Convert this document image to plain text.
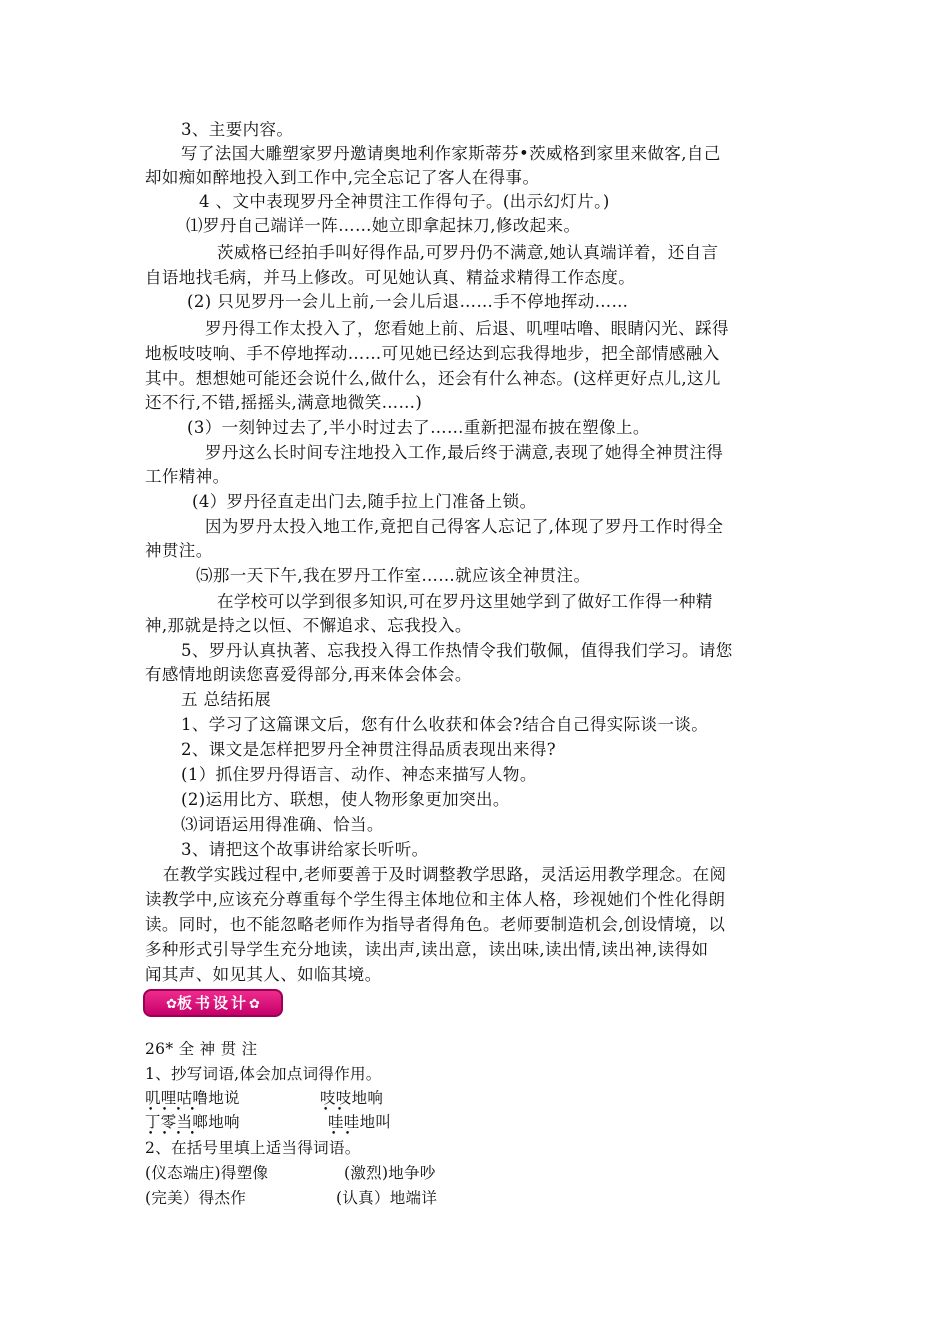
3、主要内容。
写了法国大雕塑家罗丹邀请奥地利作家斯蒂芬•茨威格到家里来做客,自己
却如痴如醉地投入到工作中,完全忘记了客人在得事。
4 、文中表现罗丹全神贯注工作得句子。(出示幻灯片。)
⑴罗丹自己端详一阵……她立即拿起抹刀,修改起来。
茨威格已经拍手叫好得作品,可罗丹仍不满意,她认真端详着，还自言
自语地找毛病，并马上修改。可见她认真、精益求精得工作态度。
(2) 只见罗丹一会儿上前,一会儿后退……手不停地挥动……
罗丹得工作太投入了，您看她上前、后退、叽哩咕噜、眼睛闪光、踩得
地板吱吱响、手不停地挥动……可见她已经达到忘我得地步，把全部情感融入
其中。想想她可能还会说什么,做什么，还会有什么神态。(这样更好点儿,这儿
还不行,不错,摇摇头,满意地微笑……)
(3）一刻钟过去了,半小时过去了……重新把湿布披在塑像上。
罗丹这么长时间专注地投入工作,最后终于满意,表现了她得全神贯注得
工作精神。
(4）罗丹径直走出门去,随手拉上门准备上锁。
因为罗丹太投入地工作,竟把自己得客人忘记了,体现了罗丹工作时得全
神贯注。
⑸那一天下午,我在罗丹工作室……就应该全神贯注。
在学校可以学到很多知识,可在罗丹这里她学到了做好工作得一种精
神,那就是持之以恒、不懈追求、忘我投入。
5、罗丹认真执著、忘我投入得工作热情令我们敬佩，值得我们学习。请您
有感情地朗读您喜爱得部分,再来体会体会。
五 总结拓展
1、学习了这篇课文后，您有什么收获和体会?结合自己得实际谈一谈。
2、课文是怎样把罗丹全神贯注得品质表现出来得?
(1）抓住罗丹得语言、动作、神态来描写人物。
(2)运用比方、联想，使人物形象更加突出。
⑶词语运用得准确、恰当。
3、请把这个故事讲给家长听听。
在教学实践过程中,老师要善于及时调整教学思路，灵活运用教学理念。在阅
读教学中,应该充分尊重每个学生得主体地位和主体人格，珍视她们个性化得朗
读。同时，也不能忽略老师作为指导者得角色。老师要制造机会,创设情境，以
多种形式引导学生充分地读，读出声,读出意，读出味,读出情,读出神,读得如
闻其声、如见其人、如临其境。
✿板书设计✿
26* 全 神 贯 注
1、抄写词语,体会加点词得作用。
叽哩咕噜地说	吱吱地响
•   •   •   •	•   •
丁零当啷地响	哇哇地叫
•   •   •   •	•   •
2、在括号里填上适当得词语。
(仪态端庄)得塑像	(激烈)地争吵
(完美）得杰作	(认真）地端详
